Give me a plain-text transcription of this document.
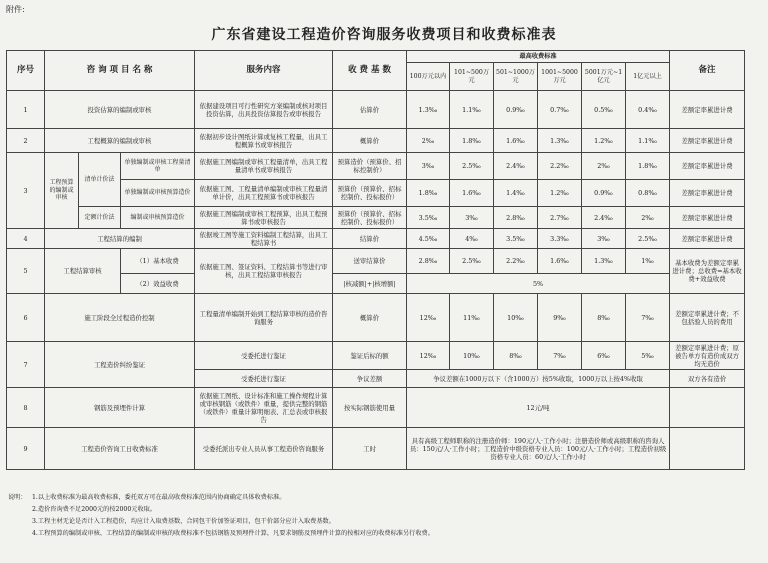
附件:
广东省建设工程造价咨询服务收费项目和收费标准表
序号	咨 询 项 目 名 称			服务内容	收 费 基 数	最高收费标准						备注
						100万元以内	101~500万元	501~1000万元	1001~5000万元	5001万元~1亿元	1亿元以上	
1	投资估算的编制或审核			依据建设项目可行性研究方案编制或核对项目投资估算，出具投资估算报告或审核报告	估算价	1.3‰	1.1‰	0.9‰	0.7‰	0.5‰	0.4‰	差额定率累进计费
2	工程概算的编制或审核			依据初步设计图纸计算或复核工程量，出具工程概算书或审核报告	概算价	2‰	1.8‰	1.6‰	1.3‰	1.2‰	1.1‰	差额定率累进计费
3	工程预算的编制或审核	清单计价法	单独编制或审核工程量清单	依据施工图编制或审核工程量清单，出具工程量清单书或审核报告	预算造价（预算价、招标控制价）	3‰	2.5‰	2.4‰	2.2‰	2‰	1.8‰	差额定率累进计费
			单独编制或审核预算造价	依据施工图、工程量清单编制或审核工程量清单计价，出具工程预算书或审核报告	预算价（预算价、招标控制价、投标报价）	1.8‰	1.6‰	1.4‰	1.2‰	0.9‰	0.8‰	差额定率累进计费
		定额计价法	编制或审核预算造价	依据施工图编制或审核工程预算，出具工程预算书或审核报告	预算价（预算价、招标控制价、投标报价）	3.5‰	3‰	2.8‰	2.7‰	2.4‰	2‰	差额定率累进计费
4	工程结算的编制			依据竣工图等施工资料编制工程结算，出具工程结算书	结算价	4.5‰	4‰	3.5‰	3.3‰	3‰	2.5‰	差额定率累进计费
5	工程结算审核		（1）基本收费	依据施工图、签证资料、工程结算书等进行审核，出具工程结算审核报告	送审结算价	2.8‰	2.5‰	2.2‰	1.6‰	1.3‰	1‰	基本收费为差额定率累进计费；总收费=基本收费+效益收费
			（2）效益收费		|核减额|+|核增额|	5%						
6	施工阶段全过程造价控制			工程量清单编制开始到工程结算审核的造价咨询服务	概算价	12‰	11‰	10‰	9‰	8‰	7‰	差额定率累进计费；不包括验人员的费用
7	工程造价纠纷鉴证			受委托进行鉴证	鉴证后标的额	12‰	10‰	8‰	7‰	6‰	5‰	差额定率累进计费；原被告单方有造价成双方均无造价
				受委托进行鉴证	争议差额	争议差额在1000万以下（含1000万）按5%收取，1000万以上按4%收取						双方各有造价
8	钢筋及预埋件计算			依据施工图纸、设计标准和施工操作规程计算或审核钢筋（或铁件）重量，提供完整的钢筋（或铁件）重量计算明细表、汇总表或审核报告	按实际钢筋使用量	12元/吨						
9	工程造价咨询工日收费标准			受委托派出专业人员从事工程造价咨询服务	工时	具有高级工程师职称的注册造价师：190元/人·工作小时；注册造价师或高级职称的咨询人员：150元/人·工作小时；工程造价中级资格专业人员：100元/人·工作小时；工程造价初级资格专业人员：60元/人·工作小时						
说明： 1.以上收费标准为最高收费标准，委托双方可在最高收费标准范围内协商确定具体收费标准。
2.造价咨询费不足2000元的按2000元收取。
3.工程主材无论是否计入工程造价，均应计入取费基数，合同包干价加签证项目，包干价部分应计入取费基数。
4.工程预算的编制或审核、工程结算的编制或审核的收费标准不包括钢筋及预埋件计算，凡要求钢筋及预埋件计算的按相对应的收费标准另行收费。
